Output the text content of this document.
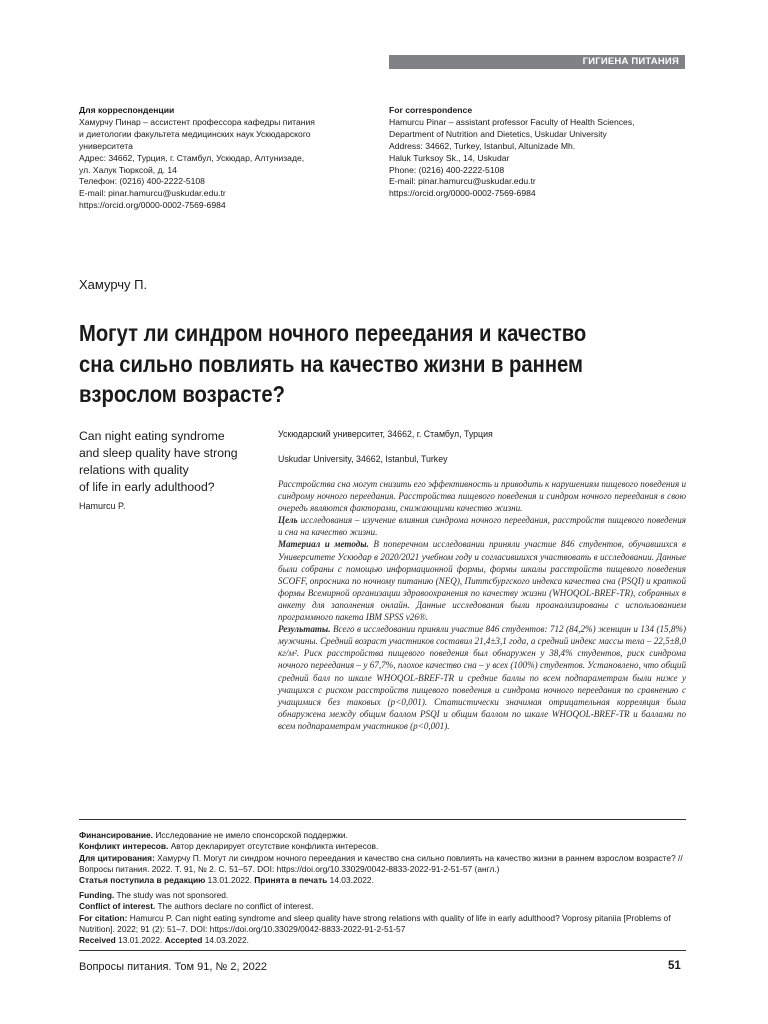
ГИГИЕНА ПИТАНИЯ
Для корреспонденции
Хамурчу Пинар – ассистент профессора кафедры питания
и диетологии факультета медицинских наук Ускюдарского
университета
Адрес: 34662, Турция, г. Стамбул, Ускюдар, Алтунизаде,
ул. Халук Тюрксой, д. 14
Телефон: (0216) 400-2222-5108
E-mail: pinar.hamurcu@uskudar.edu.tr
https://orcid.org/0000-0002-7569-6984
For correspondence
Hamurcu Pinar – assistant professor Faculty of Health Sciences,
Department of Nutrition and Dietetics, Uskudar University
Address: 34662, Turkey, Istanbul, Altunizade Mh.
Haluk Turksoy Sk., 14, Uskudar
Phone: (0216) 400-2222-5108
E-mail: pinar.hamurcu@uskudar.edu.tr
https://orcid.org/0000-0002-7569-6984
Хамурчу П.
Могут ли синдром ночного переедания и качество
сна сильно повлиять на качество жизни в раннем
взрослом возрасте?
Can night eating syndrome
and sleep quality have strong
relations with quality
of life in early adulthood?
Hamurcu P.
Ускюдарский университет, 34662, г. Стамбул, Турция
Uskudar University, 34662, Istanbul, Turkey

Расстройства сна могут снизить его эффективность и приводить к нарушениям пищевого поведения и синдрому ночного переедания. Расстройства пищевого поведения и синдром ночного переедания в свою очередь являются факторами, снижающими качество жизни.

Цель исследования – изучение влияния синдрома ночного переедания, расстройств пищевого поведения и сна на качество жизни.

Материал и методы. В поперечном исследовании приняли участие 846 студентов, обучавшихся в Университете Ускюдар в 2020/2021 учебном году и согласившихся участвовать в исследовании. Данные были собраны с помощью информационной формы, формы шкалы расстройств пищевого поведения SCOFF, опросника по ночному питанию (NEQ), Питтсбургского индекса качества сна (PSQI) и краткой формы Всемирной организации здравоохранения по качеству жизни (WHOQOL-BREF-TR), собранных в анкету для заполнения онлайн. Данные исследования были проанализированы с использованием программного пакета IBM SPSS v26®.

Результаты. Всего в исследовании приняли участие 846 студентов: 712 (84,2%) женщин и 134 (15,8%) мужчины. Средний возраст участников составил 21,4±3,1 года, а средний индекс массы тела – 22,5±8,0 кг/м². Риск расстройства пищевого поведения был обнаружен у 38,4% студентов, риск синдрома ночного переедания – у 67,7%, плохое качество сна – у всех (100%) студентов. Установлено, что общий средний балл по шкале WHOQOL-BREF-TR и средние баллы по всем подпараметрам были ниже у учащихся с риском расстройств пищевого поведения и синдрома ночного переедания по сравнению с учащимися без таковых (p<0,001). Статистически значимая отрицательная корреляция была обнаружена между общим баллом PSQI и общим баллом по шкале WHOQOL-BREF-TR и баллами по всем подпараметрам участников (p<0,001).

Финансирование. Исследование не имело спонсорской поддержки.
Конфликт интересов. Автор декларирует отсутствие конфликта интересов.
Для цитирования: Хамурчу П. Могут ли синдром ночного переедания и качество сна сильно повлиять на качество жизни в раннем взрослом возрасте? // Вопросы питания. 2022. Т. 91, № 2. С. 51–57. DOI: https://doi.org/10.33029/0042-8833-2022-91-2-51-57 (англ.)
Статья поступила в редакцию 13.01.2022. Принята в печать 14.03.2022.
Funding. The study was not sponsored.
Conflict of interest. The authors declare no conflict of interest.
For citation: Hamurcu P. Can night eating syndrome and sleep quality have strong relations with quality of life in early adulthood? Voprosy pitaniia [Problems of Nutrition]. 2022; 91 (2): 51–7. DOI: https://doi.org/10.33029/0042-8833-2022-91-2-51-57
Received 13.01.2022. Accepted 14.03.2022.
Вопросы питания. Том 91, № 2, 2022	51
